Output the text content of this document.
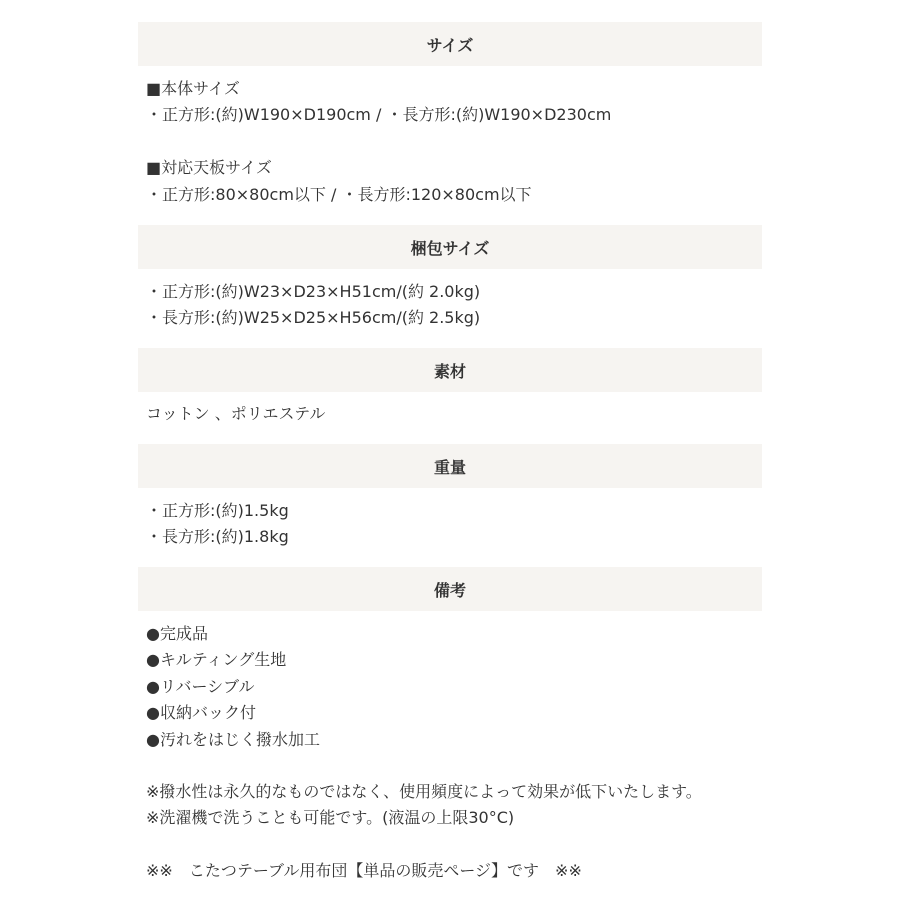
サイズ
■本体サイズ
・正方形:(約)W190×D190cm / ・長方形:(約)W190×D230cm
■対応天板サイズ
・正方形:80×80cm以下 / ・長方形:120×80cm以下
梱包サイズ
・正方形:(約)W23×D23×H51cm/(約 2.0kg)
・長方形:(約)W25×D25×H56cm/(約 2.5kg)
素材
コットン 、ポリエステル
重量
・正方形:(約)1.5kg
・長方形:(約)1.8kg
備考
●完成品
●キルティング生地
●リバーシブル
●収納バック付
●汚れをはじく撥水加工
※撥水性は永久的なものではなく、使用頻度によって効果が低下いたします。
※洗濯機で洗うことも可能です。(液温の上限30°C)
※※　こたつテーブル用布団【単品の販売ページ】です　※※
